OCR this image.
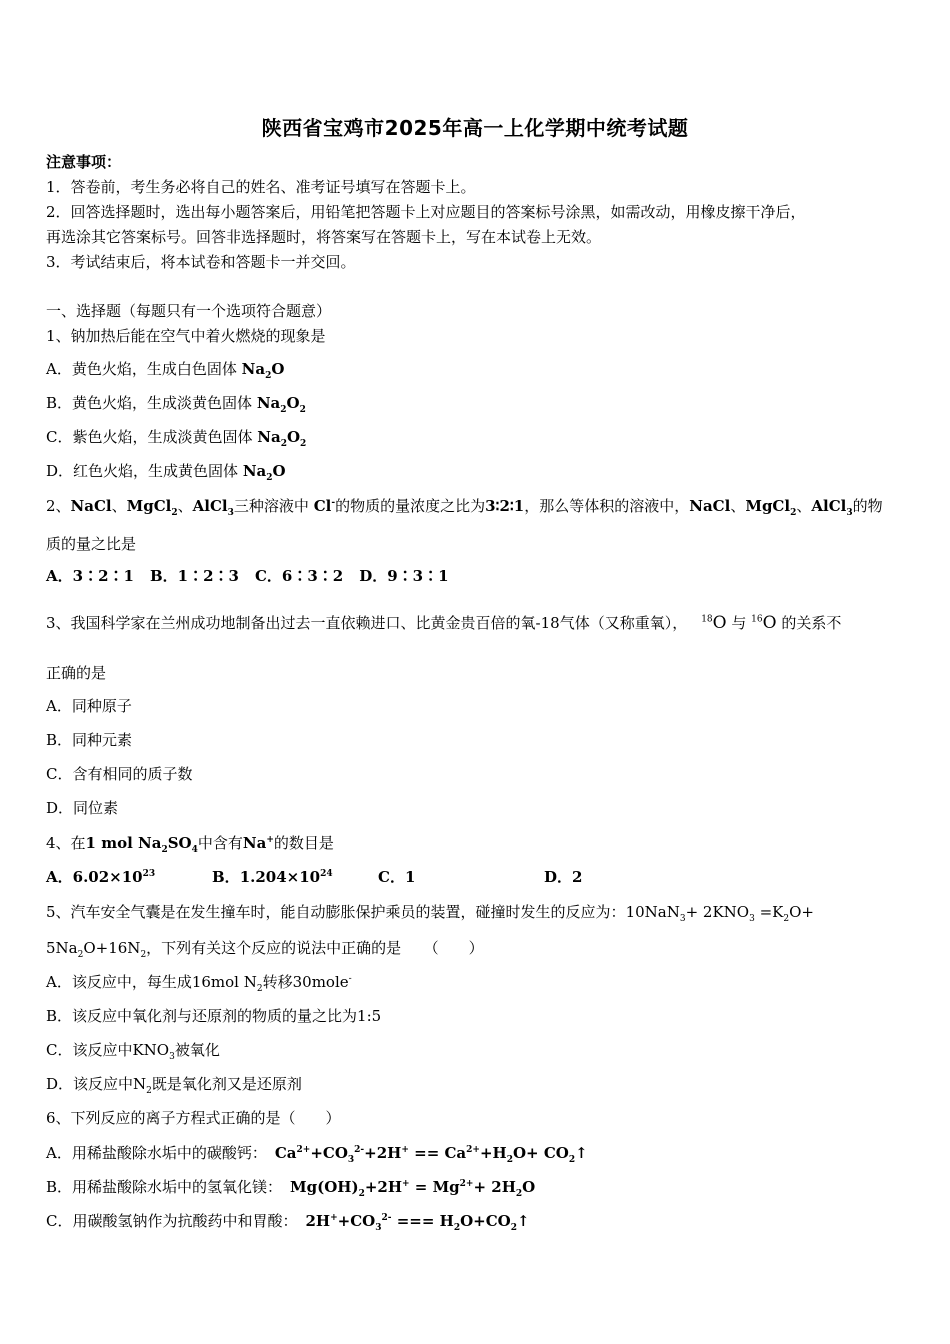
陕西省宝鸡市2025年高一上化学期中统考试题
注意事项：
1．答卷前，考生务必将自己的姓名、准考证号填写在答题卡上。
2．回答选择题时，选出每小题答案后，用铅笔把答题卡上对应题目的答案标号涂黑，如需改动，用橡皮擦干净后，
再选涂其它答案标号。回答非选择题时，将答案写在答题卡上，写在本试卷上无效。
3．考试结束后，将本试卷和答题卡一并交回。
一、选择题（每题只有一个选项符合题意）
1、钠加热后能在空气中着火燃烧的现象是
A．黄色火焰，生成白色固体 $Na_2O$
B．黄色火焰，生成淡黄色固体 $Na_2O_2$
C．紫色火焰，生成淡黄色固体 $Na_2O_2$
D．红色火焰，生成黄色固体 $Na_2O$
2、NaCl、MgCl$_2$、AlCl$_3$三种溶液中 Cl-的物质的量浓度之比为3∶2∶1，那么等体积的溶液中，NaCl、MgCl$_2$、AlCl$_3$的物
质的量之比是
A．3∶2∶1 B．1∶2∶3 C．6∶3∶2 D．9∶3∶1
3、我国科学家在兰州成功地制备出过去一直依赖进口、比黄金贵百倍的氧-18气体（又称重氧）， $^{18}$O 与 $^{16}$O 的关系不
正确的是
A．同种原子
B．同种元素
C．含有相同的质子数
D．同位素
4、在1 mol $Na_2SO_4$中含有Na+的数目是
A．$6.02\times 10^{23}$	B．$1.204\times 10^{24}$	C．1	D．2
5、汽车安全气囊是在发生撞车时，能自动膨胀保护乘员的装置，碰撞时发生的反应为：$10NaN_3+ 2KNO_3 =K_2O+$
$5Na_2O+16N_2$，下列有关这个反应的说法中正确的是　　（　　）
A．该反应中，每生成16mol $N_2$转移30mole-
B．该反应中氧化剂与还原剂的物质的量之比为1:5
C．该反应中$KNO_3$被氧化
D．该反应中$N_2$既是氧化剂又是还原剂
6、下列反应的离子方程式正确的是（　　）
A．用稀盐酸除水垢中的碳酸钙： $Ca^{2+}+CO_3^{2-}+2H^+ == Ca^{2+}+H_2O+$ $CO_2↑$
B．用稀盐酸除水垢中的氢氧化镁： $Mg(OH)_2+2H^+ = Mg^{2+}+ 2H_2O$
C．用碳酸氢钠作为抗酸药中和胃酸： $2H^++CO_3^{2-}$ === $H_2O+CO_2↑$
